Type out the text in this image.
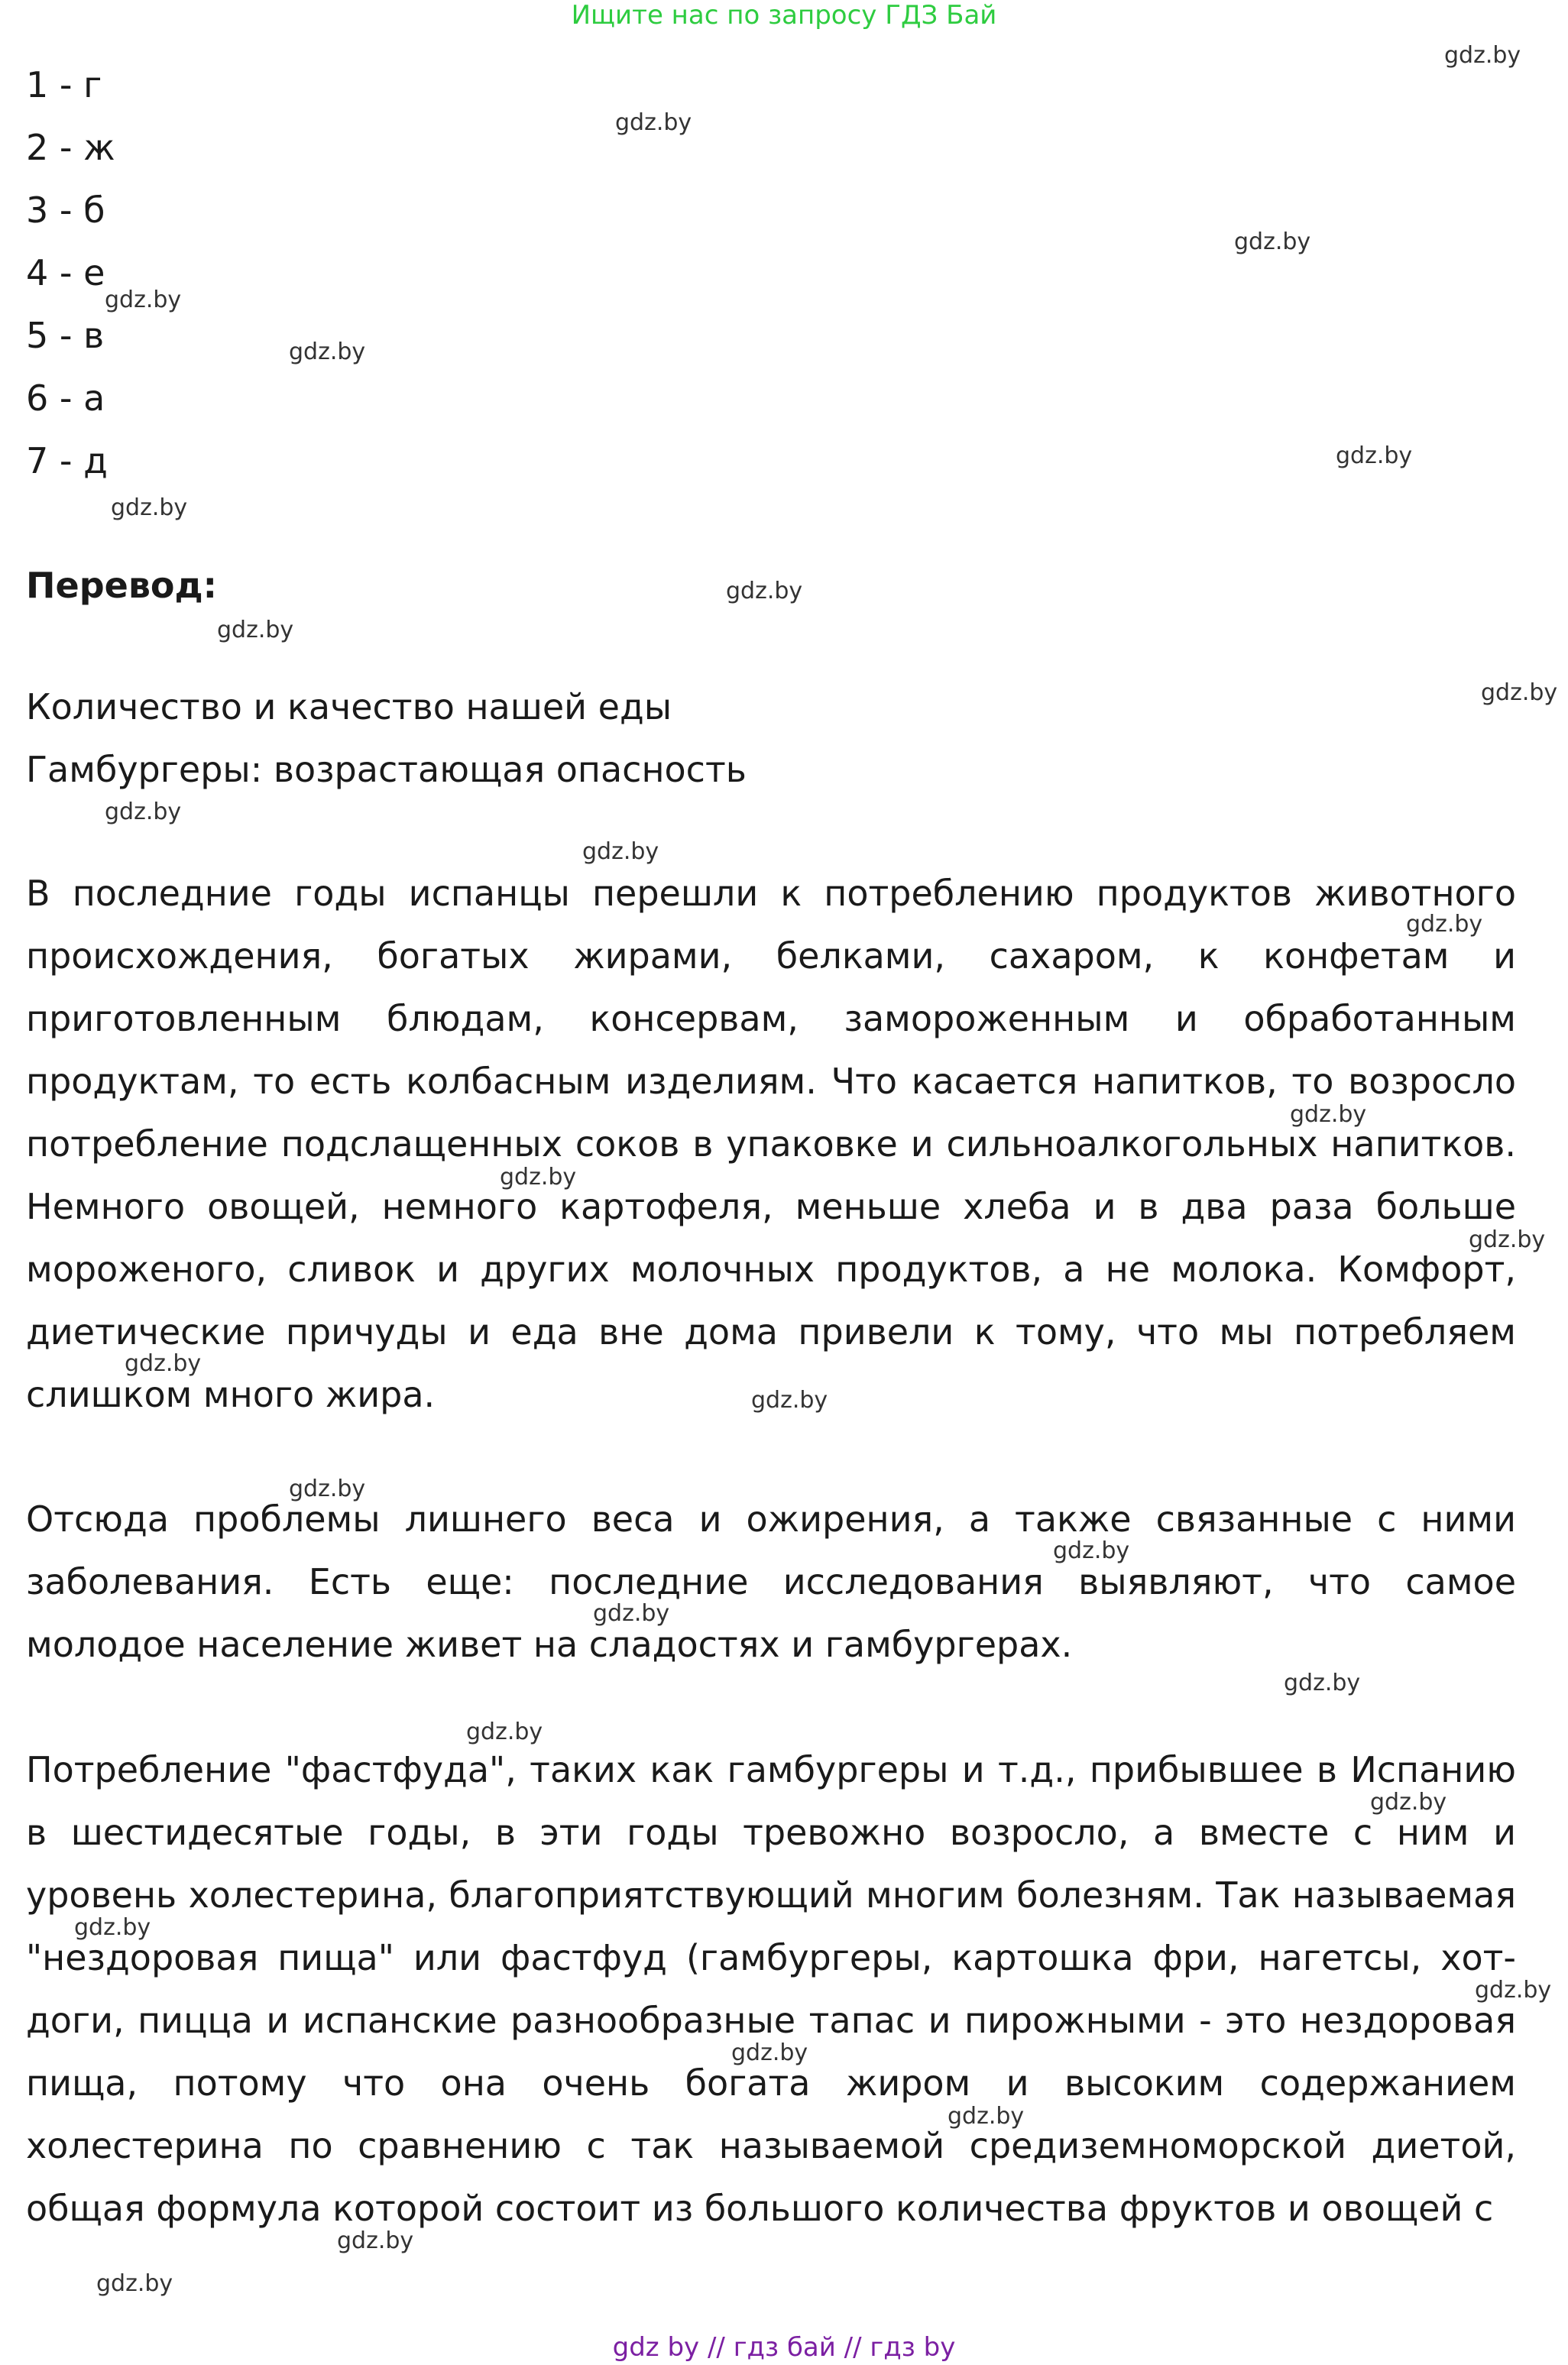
Ищите нас по запросу ГДЗ Бай
1 - г
2 - ж
3 - б
4 - е
5 - в
6 - а
7 - д
Перевод:
Количество и качество нашей еды
Гамбургеры: возрастающая опасность

В последние годы испанцы перешли к потреблению продуктов животного происхождения, богатых жирами, белками, сахаром, к конфетам и приготовленным блюдам, консервам, замороженным и обработанным продуктам, то есть колбасным изделиям. Что касается напитков, то возросло потребление подслащенных соков в упаковке и сильноалкогольных напитков. Немного овощей, немного картофеля, меньше хлеба и в два раза больше мороженого, сливок и других молочных продуктов, а не молока. Комфорт, диетические причуды и еда вне дома привели к тому, что мы потребляем слишком много жира.

Отсюда проблемы лишнего веса и ожирения, а также связанные с ними заболевания. Есть еще: последние исследования выявляют, что самое молодое население живет на сладостях и гамбургерах.

Потребление "фастфуда", таких как гамбургеры и т.д., прибывшее в Испанию в шестидесятые годы, в эти годы тревожно возросло, а вместе с ним и уровень холестерина, благоприятствующий многим болезням. Так называемая "нездоровая пища" или фастфуд (гамбургеры, картошка фри, нагетсы, хот-доги, пицца и испанские разнообразные тапас и пирожными - это нездоровая пища, потому что она очень богата жиром и высоким содержанием холестерина по сравнению с так называемой средиземноморской диетой, общая формула которой состоит из большого количества фруктов и овощей с

gdz.by
gdz.by
gdz.by
gdz.by
gdz.by
gdz.by
gdz.by
gdz.by
gdz.by
gdz.by
gdz.by
gdz.by
gdz.by
gdz.by
gdz.by
gdz.by
gdz.by
gdz.by
gdz.by
gdz.by
gdz.by
gdz.by
gdz.by
gdz.by
gdz.by
gdz.by
gdz.by
gdz.by
gdz.by
gdz.by
gdz by // гдз бай // гдз by
